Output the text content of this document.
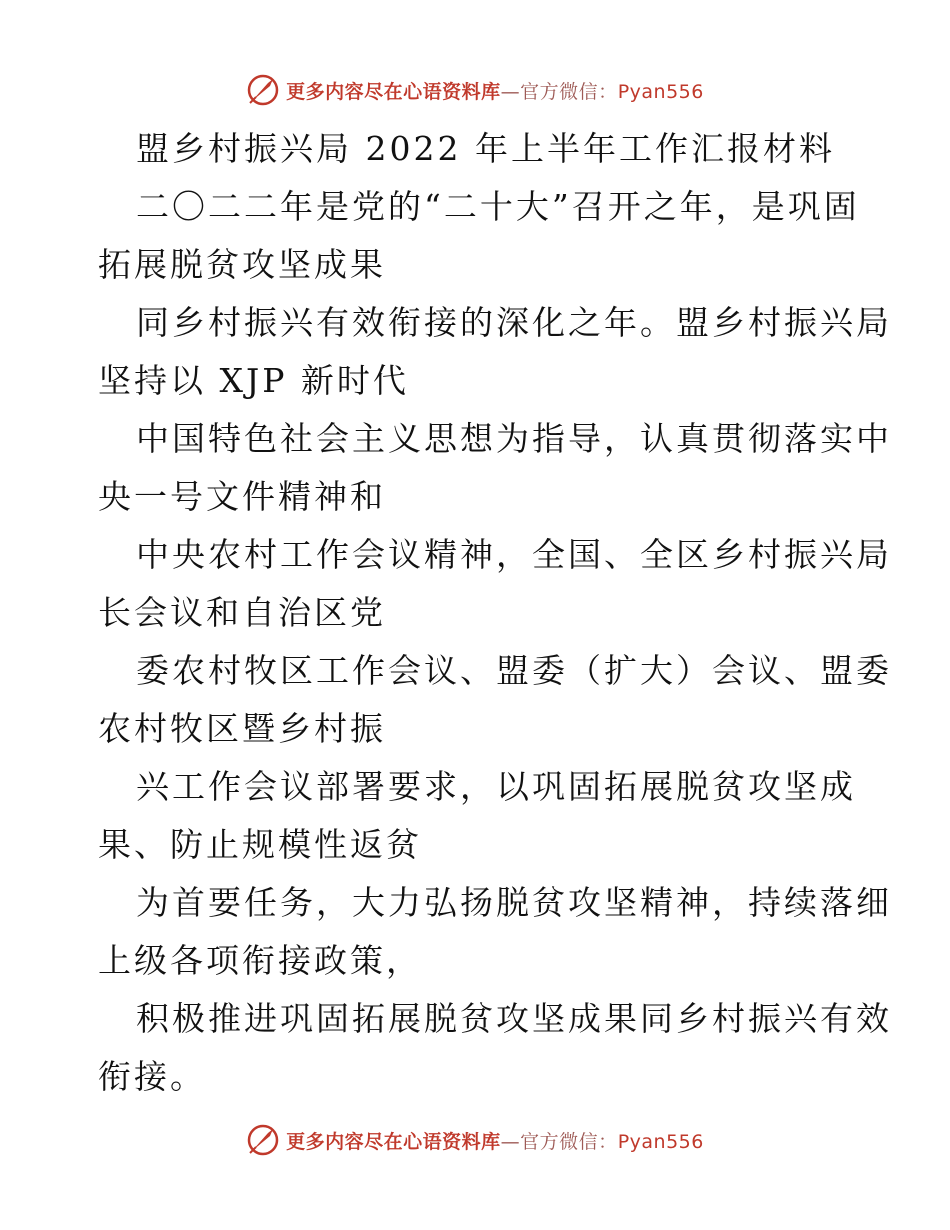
更多内容尽在心语资料库—官方微信：Pyan556
盟乡村振兴局 2022 年上半年工作汇报材料
二〇二二年是党的“二十大”召开之年，是巩固
拓展脱贫攻坚成果
同乡村振兴有效衔接的深化之年。盟乡村振兴局
坚持以 XJP 新时代
中国特色社会主义思想为指导，认真贯彻落实中
央一号文件精神和
中央农村工作会议精神，全国、全区乡村振兴局
长会议和自治区党
委农村牧区工作会议、盟委（扩大）会议、盟委
农村牧区暨乡村振
兴工作会议部署要求，以巩固拓展脱贫攻坚成
果、防止规模性返贫
为首要任务，大力弘扬脱贫攻坚精神，持续落细
上级各项衔接政策，
积极推进巩固拓展脱贫攻坚成果同乡村振兴有效
衔接。
更多内容尽在心语资料库—官方微信：Pyan556
